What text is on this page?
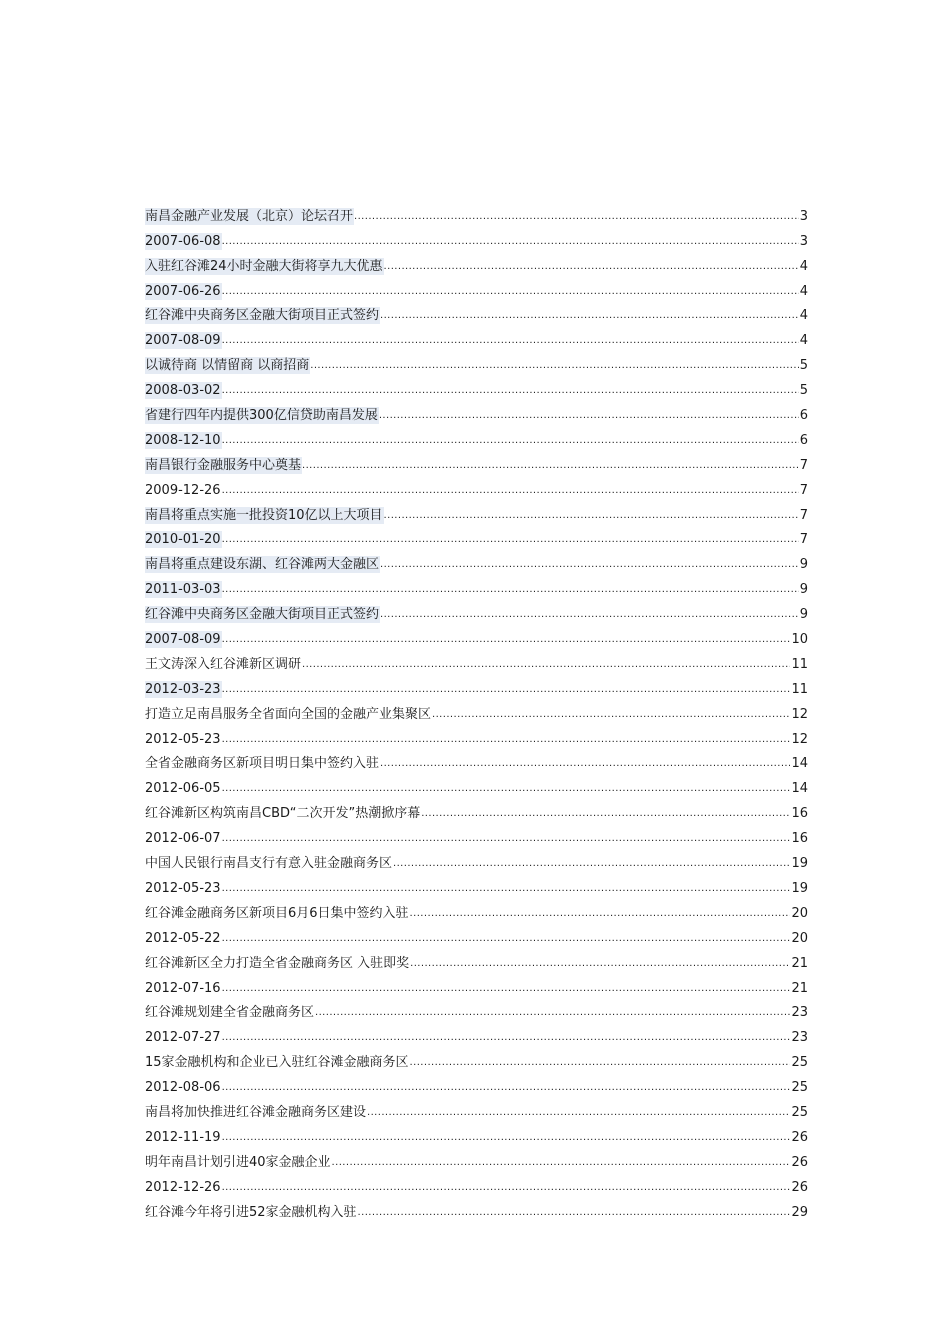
南昌金融产业发展（北京）论坛召开 .....	3
2007-06-08 .....	3
入驻红谷滩24小时金融大街将享九大优惠 .....	4
2007-06-26 .....	4
红谷滩中央商务区金融大街项目正式签约 .....	4
2007-08-09 .....	4
以诚待商 以情留商 以商招商 .....	5
2008-03-02 .....	5
省建行四年内提供300亿信贷助南昌发展 .....	6
2008-12-10 .....	6
南昌银行金融服务中心奠基 .....	7
2009-12-26 .....	7
南昌将重点实施一批投资10亿以上大项目 .....	7
2010-01-20 .....	7
南昌将重点建设东湖、红谷滩两大金融区 .....	9
2011-03-03 .....	9
红谷滩中央商务区金融大街项目正式签约 .....	9
2007-08-09 .....	10
王文涛深入红谷滩新区调研 .....	11
2012-03-23 .....	11
打造立足南昌服务全省面向全国的金融产业集聚区 .....	12
2012-05-23 .....	12
全省金融商务区新项目明日集中签约入驻 .....	14
2012-06-05 .....	14
红谷滩新区构筑南昌CBD“二次开发”热潮掀序幕 .....	16
2012-06-07 .....	16
中国人民银行南昌支行有意入驻金融商务区 .....	19
2012-05-23 .....	19
红谷滩金融商务区新项目6月6日集中签约入驻 .....	20
2012-05-22 .....	20
红谷滩新区全力打造全省金融商务区 入驻即奖 .....	21
2012-07-16 .....	21
红谷滩规划建全省金融商务区 .....	23
2012-07-27 .....	23
15家金融机构和企业已入驻红谷滩金融商务区 .....	25
2012-08-06 .....	25
南昌将加快推进红谷滩金融商务区建设 .....	25
2012-11-19 .....	26
明年南昌计划引进40家金融企业 .....	26
2012-12-26 .....	26
红谷滩今年将引进52家金融机构入驻 .....	29
